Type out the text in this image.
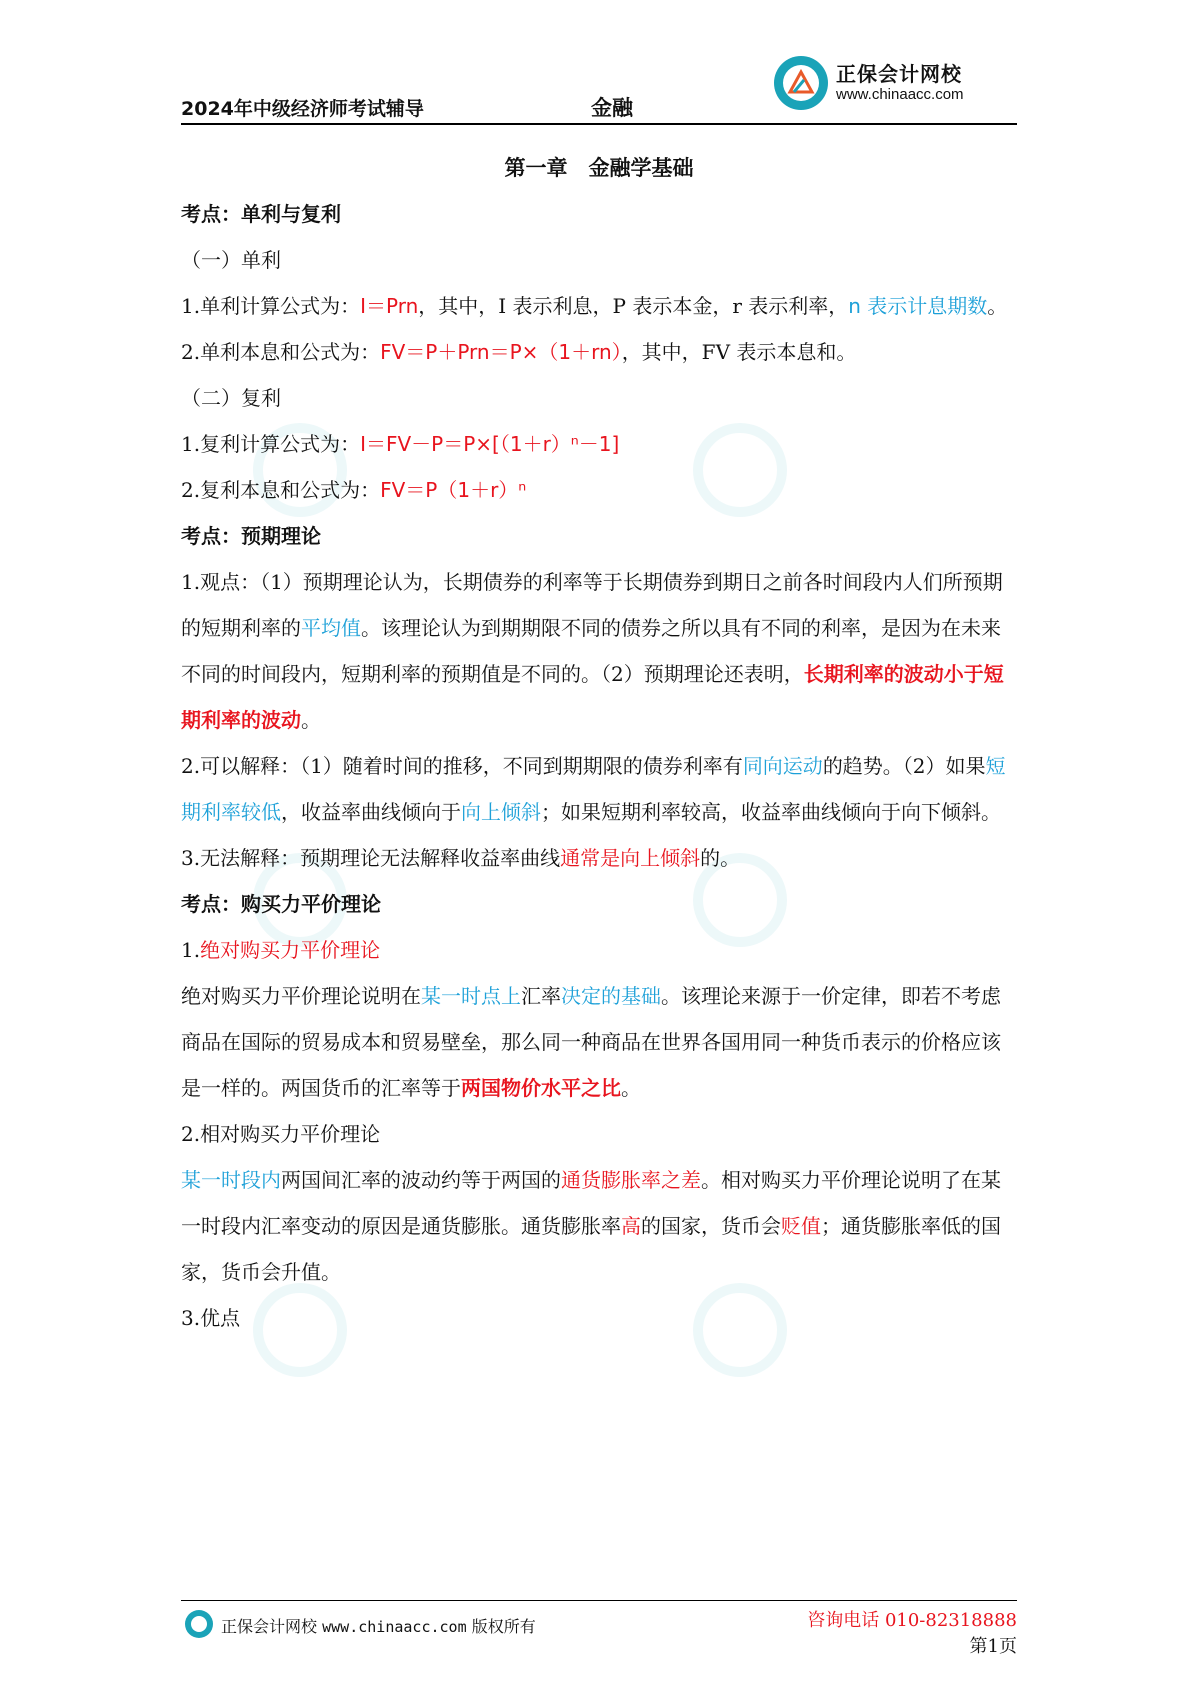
2024年中级经济师考试辅导	金融
正保会计网校
www.chinaacc.com
第一章　金融学基础
考点：单利与复利

（一）单利

1.单利计算公式为：I＝Prn，其中，I 表示利息，P 表示本金，r 表示利率，n 表示计息期数。

2.单利本息和公式为：FV＝P＋Prn＝P×（1＋rn），其中，FV 表示本息和。

（二）复利

1.复利计算公式为：I＝FV－P＝P×[（1＋r）ⁿ－1]

2.复利本息和公式为：FV＝P（1＋r）ⁿ

考点：预期理论

1.观点：（1）预期理论认为，长期债券的利率等于长期债券到期日之前各时间段内人们所预期的短期利率的平均值。该理论认为到期期限不同的债券之所以具有不同的利率，是因为在未来不同的时间段内，短期利率的预期值是不同的。（2）预期理论还表明，长期利率的波动小于短期利率的波动。

2.可以解释：（1）随着时间的推移，不同到期期限的债券利率有同向运动的趋势。（2）如果短期利率较低，收益率曲线倾向于向上倾斜；如果短期利率较高，收益率曲线倾向于向下倾斜。

3.无法解释：预期理论无法解释收益率曲线通常是向上倾斜的。

考点：购买力平价理论

1.绝对购买力平价理论

绝对购买力平价理论说明在某一时点上汇率决定的基础。该理论来源于一价定律，即若不考虑商品在国际的贸易成本和贸易壁垒，那么同一种商品在世界各国用同一种货币表示的价格应该是一样的。两国货币的汇率等于两国物价水平之比。

2.相对购买力平价理论

某一时段内两国间汇率的波动约等于两国的通货膨胀率之差。相对购买力平价理论说明了在某一时段内汇率变动的原因是通货膨胀。通货膨胀率高的国家，货币会贬值；通货膨胀率低的国家，货币会升值。

3.优点

正保会计网校 www.chinaacc.com 版权所有	咨询电话 010-82318888
第1页
